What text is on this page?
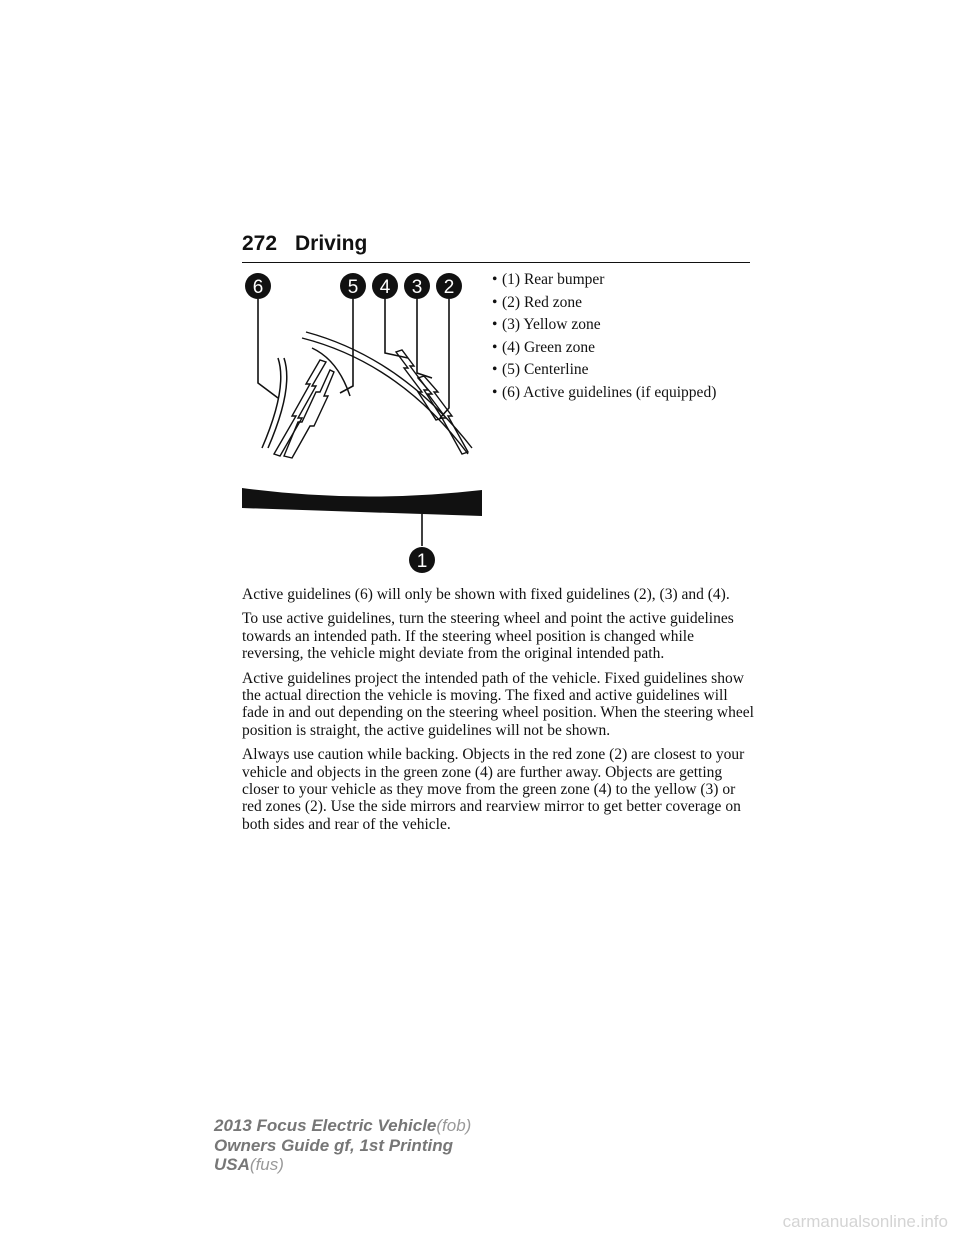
272 Driving
6	5 4 3 2
1
• (1) Rear bumper
• (2) Red zone
• (3) Yellow zone
• (4) Green zone
• (5) Centerline
• (6) Active guidelines (if equipped)

Active guidelines (6) will only be shown with fixed guidelines (2), (3) and (4).

To use active guidelines, turn the steering wheel and point the active guidelines towards an intended path. If the steering wheel position is changed while reversing, the vehicle might deviate from the original intended path.

Active guidelines project the intended path of the vehicle. Fixed guidelines show the actual direction the vehicle is moving. The fixed and active guidelines will fade in and out depending on the steering wheel position. When the steering wheel position is straight, the active guidelines will not be shown.

Always use caution while backing. Objects in the red zone (2) are closest to your vehicle and objects in the green zone (4) are further away. Objects are getting closer to your vehicle as they move from the green zone (4) to the yellow (3) or red zones (2). Use the side mirrors and rearview mirror to get better coverage on both sides and rear of the vehicle.

2013 Focus Electric Vehicle(fob)
Owners Guide gf, 1st Printing
USA(fus)
carmanualsonline.info
